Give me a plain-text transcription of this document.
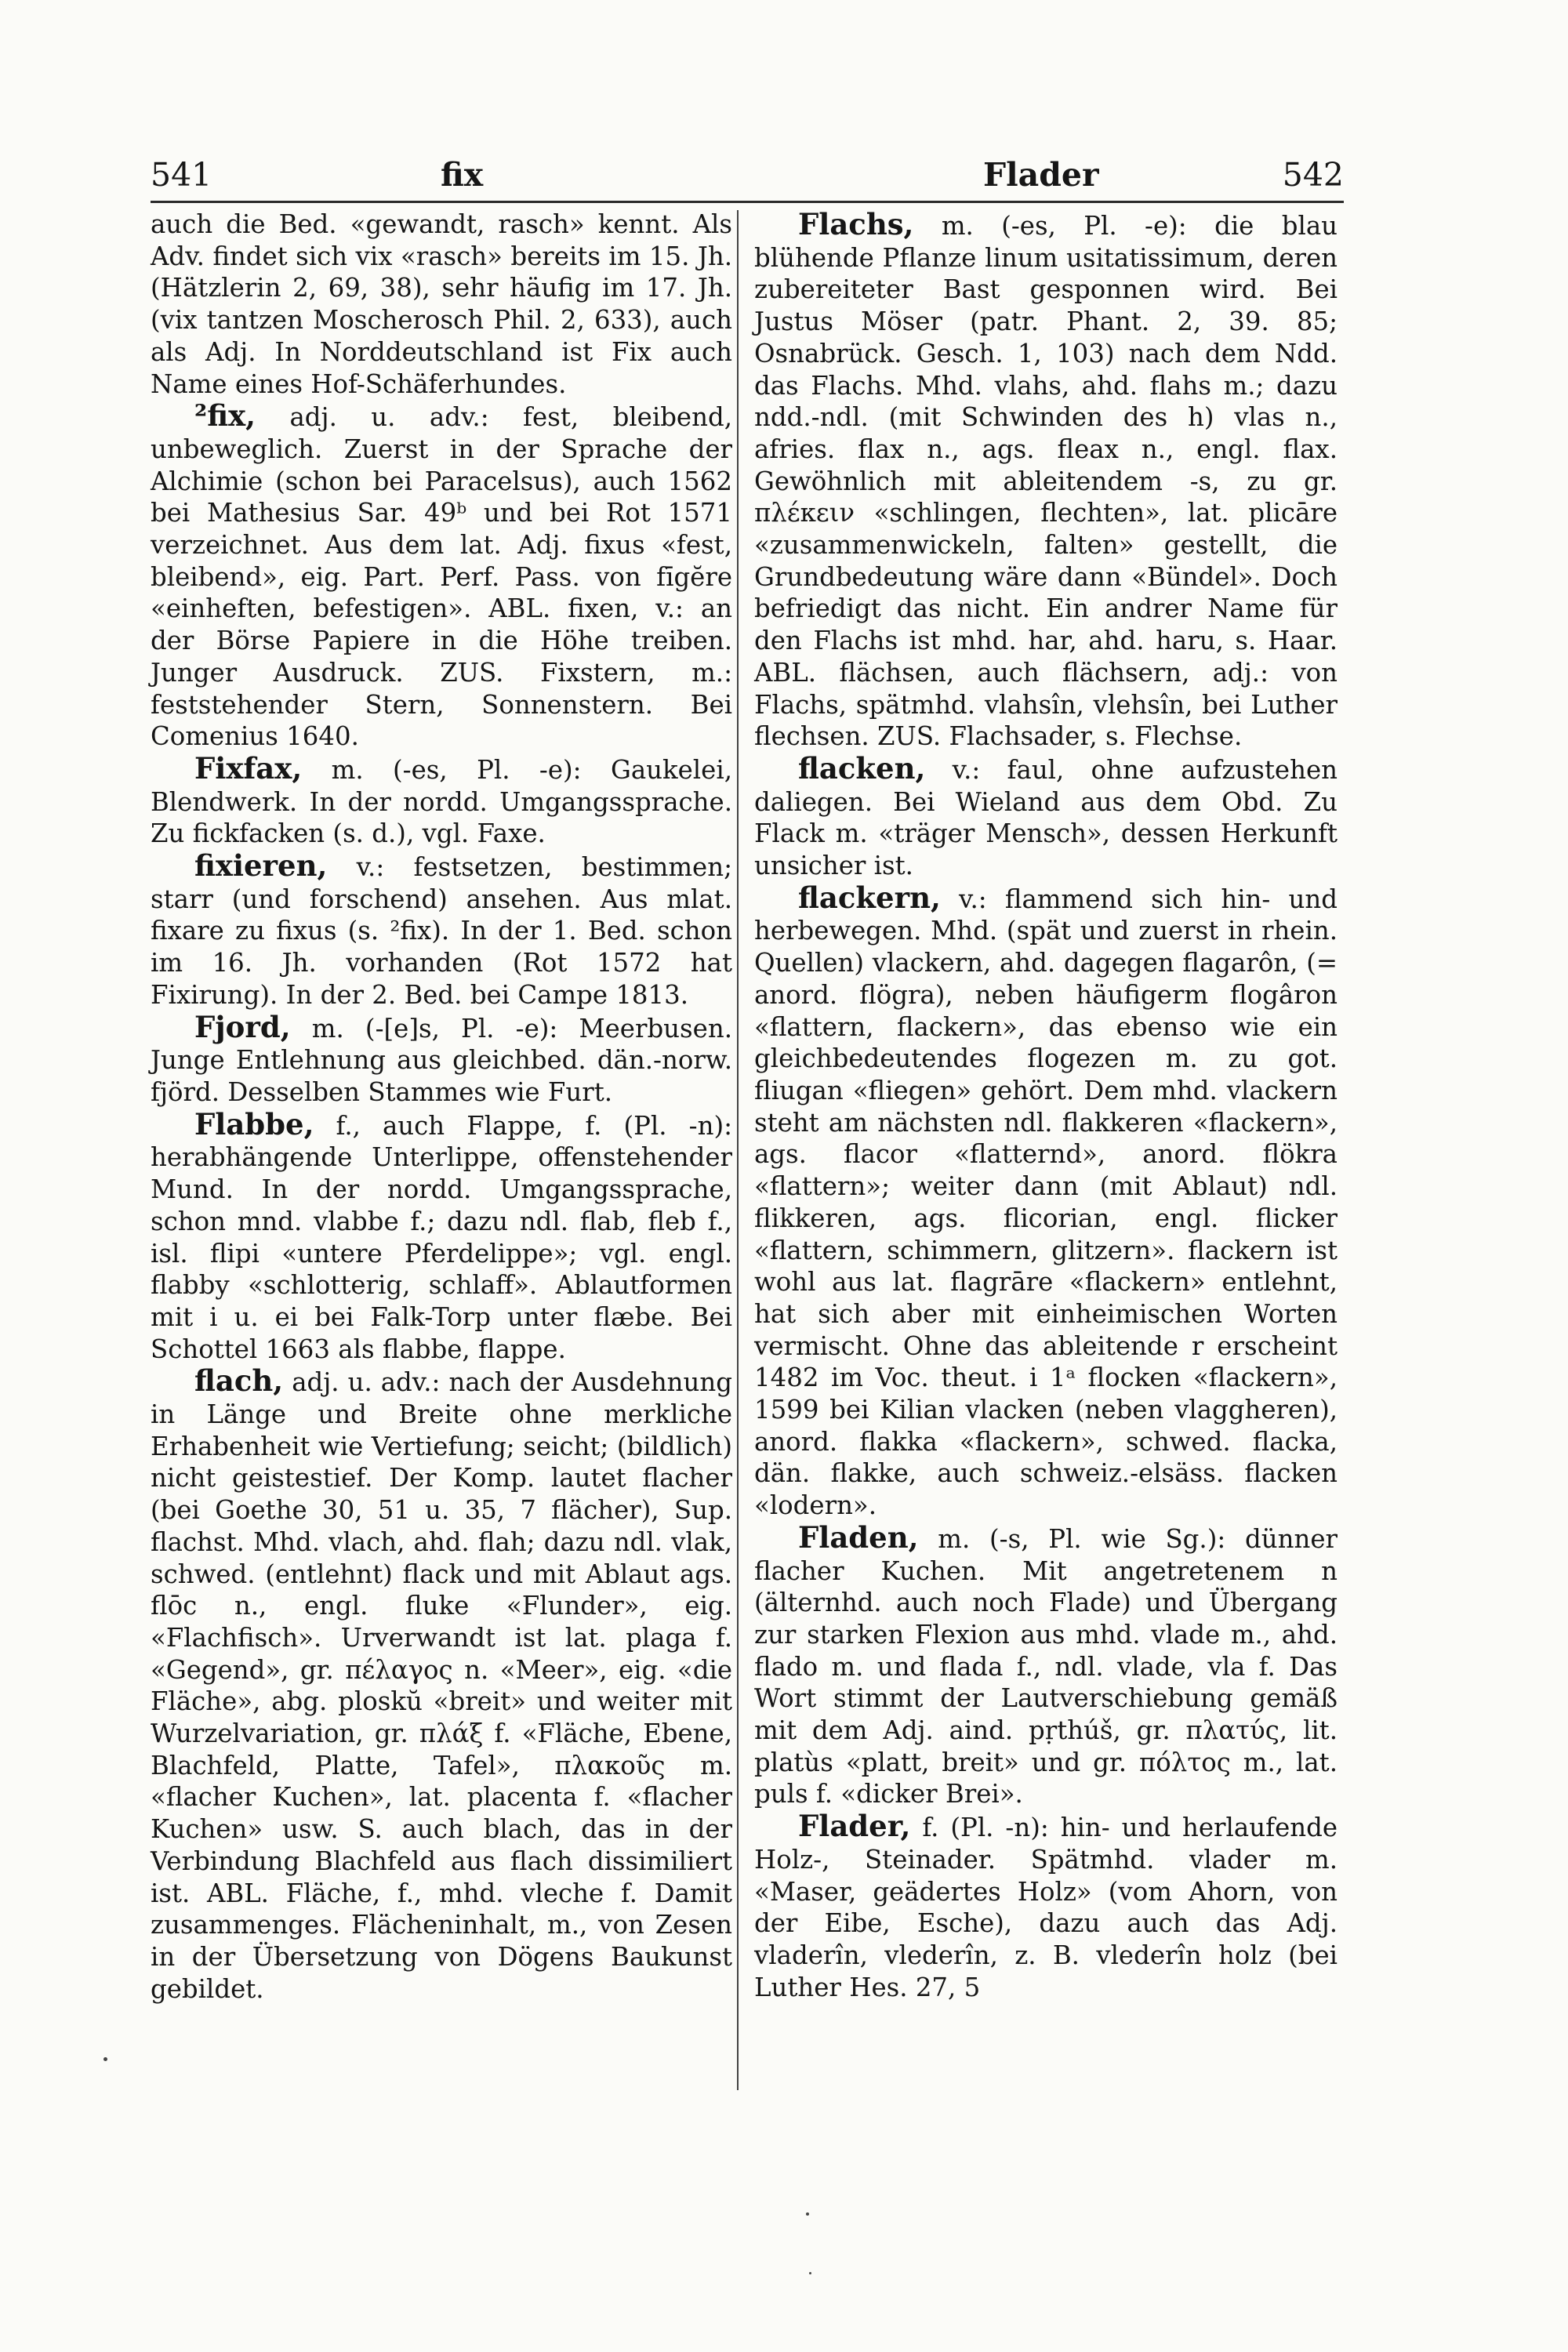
541	fix	Flader	542

auch die Bed. «gewandt, rasch» kennt. Als Adv. findet sich vix «rasch» bereits im 15. Jh. (Hätzlerin 2, 69, 38), sehr häufig im 17. Jh. (vix tantzen Moscherosch Phil. 2, 633), auch als Adj. In Norddeutschland ist Fix auch Name eines Hof-Schäferhundes.

²fix, adj. u. adv.: fest, bleibend, unbeweglich. Zuerst in der Sprache der Alchimie (schon bei Paracelsus), auch 1562 bei Mathesius Sar. 49ᵇ und bei Rot 1571 verzeichnet. Aus dem lat. Adj. fixus «fest, bleibend», eig. Part. Perf. Pass. von fīgĕre «einheften, befestigen». ABL. fixen, v.: an der Börse Papiere in die Höhe treiben. Junger Ausdruck. ZUS. Fixstern, m.: feststehender Stern, Sonnenstern. Bei Comenius 1640.

Fixfax, m. (-es, Pl. -e): Gaukelei, Blendwerk. In der nordd. Umgangssprache. Zu fickfacken (s. d.), vgl. Faxe.

fixieren, v.: festsetzen, bestimmen; starr (und forschend) ansehen. Aus mlat. fixare zu fixus (s. ²fix). In der 1. Bed. schon im 16. Jh. vorhanden (Rot 1572 hat Fixirung). In der 2. Bed. bei Campe 1813.

Fjord, m. (-[e]s, Pl. -e): Meerbusen. Junge Entlehnung aus gleichbed. dän.-norw. fjörd. Desselben Stammes wie Furt.

Flabbe, f., auch Flappe, f. (Pl. -n): herabhängende Unterlippe, offenstehender Mund. In der nordd. Umgangssprache, schon mnd. vlabbe f.; dazu ndl. flab, fleb f., isl. flipi «untere Pferdelippe»; vgl. engl. flabby «schlotterig, schlaff». Ablautformen mit i u. ei bei Falk-Torp unter flæbe. Bei Schottel 1663 als flabbe, flappe.

flach, adj. u. adv.: nach der Ausdehnung in Länge und Breite ohne merkliche Erhabenheit wie Vertiefung; seicht; (bildlich) nicht geistestief. Der Komp. lautet flacher (bei Goethe 30, 51 u. 35, 7 flächer), Sup. flachst. Mhd. vlach, ahd. flah; dazu ndl. vlak, schwed. (entlehnt) flack und mit Ablaut ags. flōc n., engl. fluke «Flunder», eig. «Flachfisch». Urverwandt ist lat. plaga f. «Gegend», gr. πέλαγος n. «Meer», eig. «die Fläche», abg. ploskŭ «breit» und weiter mit Wurzelvariation, gr. πλάξ f. «Fläche, Ebene, Blachfeld, Platte, Tafel», πλακοῦς m. «flacher Kuchen», lat. placenta f. «flacher Kuchen» usw. S. auch blach, das in der Verbindung Blachfeld aus flach dissimiliert ist. ABL. Fläche, f., mhd. vleche f. Damit zusammenges. Flächeninhalt, m., von Zesen in der Übersetzung von Dögens Baukunst gebildet.

Flachs, m. (-es, Pl. -e): die blau blühende Pflanze linum usitatissimum, deren zubereiteter Bast gesponnen wird. Bei Justus Möser (patr. Phant. 2, 39. 85; Osnabrück. Gesch. 1, 103) nach dem Ndd. das Flachs. Mhd. vlahs, ahd. flahs m.; dazu ndd.-ndl. (mit Schwinden des h) vlas n., afries. flax n., ags. fleax n., engl. flax. Gewöhnlich mit ableitendem -s, zu gr. πλέκειν «schlingen, flechten», lat. plicāre «zusammenwickeln, falten» gestellt, die Grundbedeutung wäre dann «Bündel». Doch befriedigt das nicht. Ein andrer Name für den Flachs ist mhd. har, ahd. haru, s. Haar. ABL. flächsen, auch flächsern, adj.: von Flachs, spätmhd. vlahsîn, vlehsîn, bei Luther flechsen. ZUS. Flachsader, s. Flechse.

flacken, v.: faul, ohne aufzustehen daliegen. Bei Wieland aus dem Obd. Zu Flack m. «träger Mensch», dessen Herkunft unsicher ist.

flackern, v.: flammend sich hin- und herbewegen. Mhd. (spät und zuerst in rhein. Quellen) vlackern, ahd. dagegen flagarôn, (= anord. flögra), neben häufigerm flogâron «flattern, flackern», das ebenso wie ein gleichbedeutendes flogezen m. zu got. fliugan «fliegen» gehört. Dem mhd. vlackern steht am nächsten ndl. flakkeren «flackern», ags. flacor «flatternd», anord. flökra «flattern»; weiter dann (mit Ablaut) ndl. flikkeren, ags. flicorian, engl. flicker «flattern, schimmern, glitzern». flackern ist wohl aus lat. flagrāre «flackern» entlehnt, hat sich aber mit einheimischen Worten vermischt. Ohne das ableitende r erscheint 1482 im Voc. theut. i 1ᵃ flocken «flackern», 1599 bei Kilian vlacken (neben vlaggheren), anord. flakka «flackern», schwed. flacka, dän. flakke, auch schweiz.-elsäss. flacken «lodern».

Fladen, m. (-s, Pl. wie Sg.): dünner flacher Kuchen. Mit angetretenem n (älternhd. auch noch Flade) und Übergang zur starken Flexion aus mhd. vlade m., ahd. flado m. und flada f., ndl. vlade, vla f. Das Wort stimmt der Lautverschiebung gemäß mit dem Adj. aind. pṛthúš, gr. πλατύς, lit. platùs «platt, breit» und gr. πόλτος m., lat. puls f. «dicker Brei».

Flader, f. (Pl. -n): hin- und herlaufende Holz-, Steinader. Spätmhd. vlader m. «Maser, geädertes Holz» (vom Ahorn, von der Eibe, Esche), dazu auch das Adj. vladerîn, vlederîn, z. B. vlederîn holz (bei Luther Hes. 27, 5
